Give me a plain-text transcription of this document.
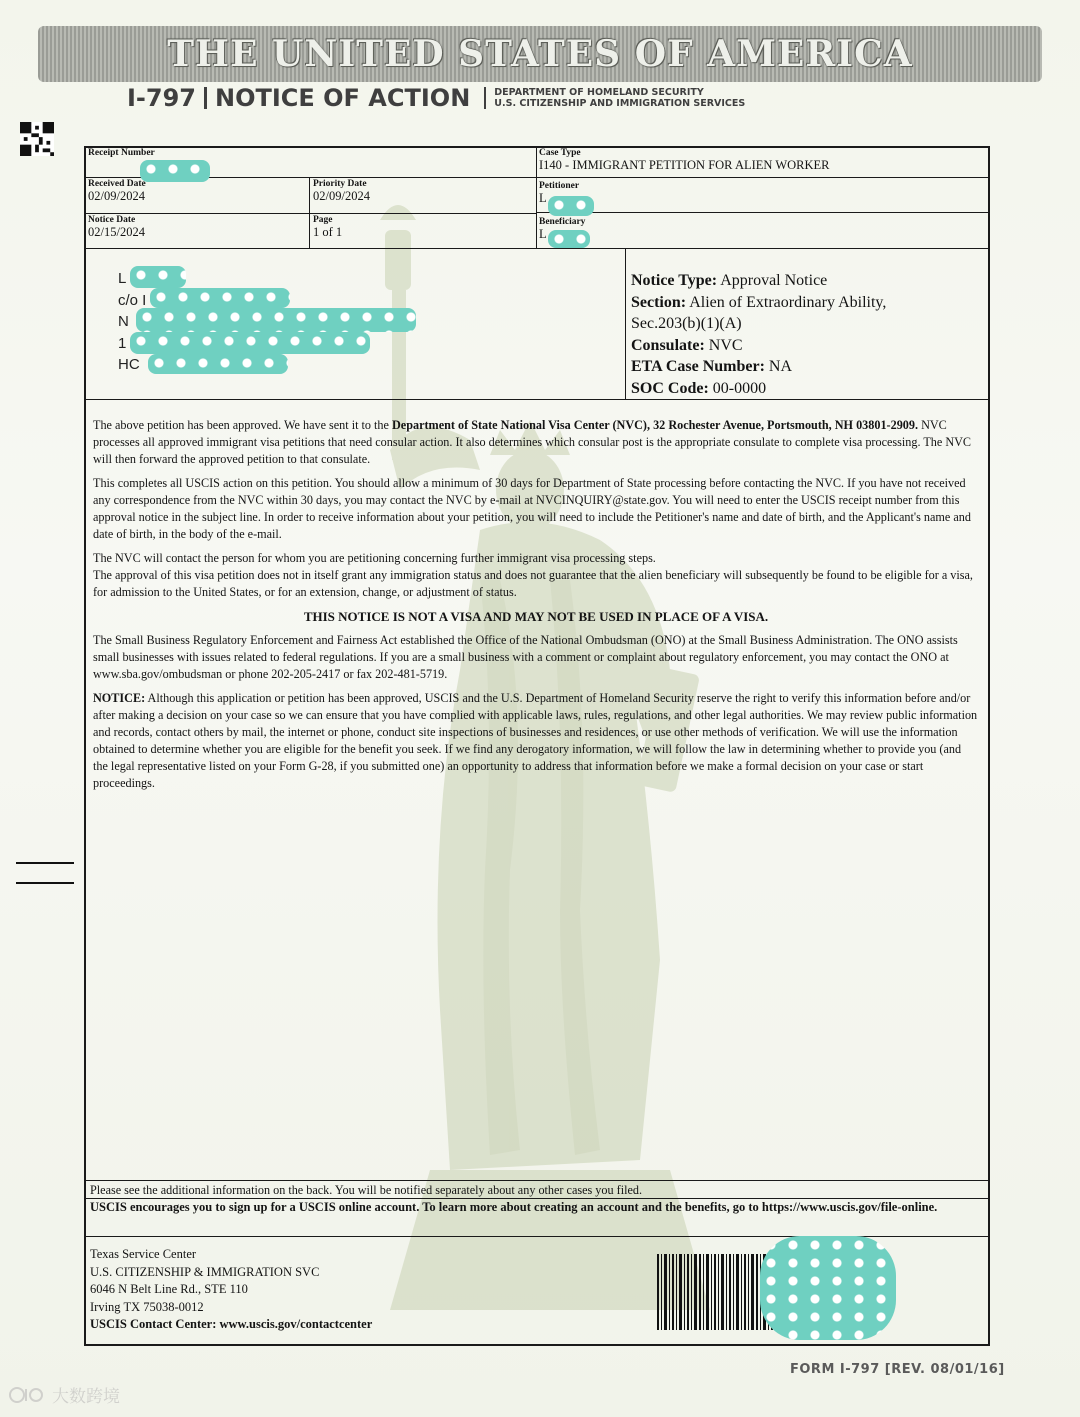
THE UNITED STATES OF AMERICA
I-797 NOTICE OF ACTION	DEPARTMENT OF HOMELAND SECURITY
U.S. CITIZENSHIP AND IMMIGRATION SERVICES
Receipt Number	Case Type
I140 - IMMIGRANT PETITION FOR ALIEN WORKER
Received Date
02/09/2024
Priority Date
02/09/2024
Petitioner
L
Notice Date
02/15/2024
Page
1 of 1
Beneficiary
L
L
c/o I
N
1
HC
Notice Type: Approval Notice
Section: Alien of Extraordinary Ability,
Sec.203(b)(1)(A)
Consulate: NVC
ETA Case Number: NA
SOC Code: 00-0000

The above petition has been approved. We have sent it to the Department of State National Visa Center (NVC), 32 Rochester Avenue, Portsmouth, NH 03801-2909. NVC processes all approved immigrant visa petitions that need consular action. It also determines which consular post is the appropriate consulate to complete visa processing. The NVC will then forward the approved petition to that consulate.

This completes all USCIS action on this petition. You should allow a minimum of 30 days for Department of State processing before contacting the NVC. If you have not received any correspondence from the NVC within 30 days, you may contact the NVC by e-mail at NVCINQUIRY@state.gov. You will need to enter the USCIS receipt number from this approval notice in the subject line. In order to receive information about your petition, you will need to include the Petitioner's name and date of birth, and the Applicant's name and date of birth, in the body of the e-mail.

The NVC will contact the person for whom you are petitioning concerning further immigrant visa processing steps.
The approval of this visa petition does not in itself grant any immigration status and does not guarantee that the alien beneficiary will subsequently be found to be eligible for a visa, for admission to the United States, or for an extension, change, or adjustment of status.

THIS NOTICE IS NOT A VISA AND MAY NOT BE USED IN PLACE OF A VISA.

The Small Business Regulatory Enforcement and Fairness Act established the Office of the National Ombudsman (ONO) at the Small Business Administration. The ONO assists small businesses with issues related to federal regulations. If you are a small business with a comment or complaint about regulatory enforcement, you may contact the ONO at www.sba.gov/ombudsman or phone 202-205-2417 or fax 202-481-5719.

NOTICE: Although this application or petition has been approved, USCIS and the U.S. Department of Homeland Security reserve the right to verify this information before and/or after making a decision on your case so we can ensure that you have complied with applicable laws, rules, regulations, and other legal authorities. We may review public information and records, contact others by mail, the internet or phone, conduct site inspections of businesses and residences, or use other methods of verification. We will use the information obtained to determine whether you are eligible for the benefit you seek. If we find any derogatory information, we will follow the law in determining whether to provide you (and the legal representative listed on your Form G-28, if you submitted one) an opportunity to address that information before we make a formal decision on your case or start proceedings.

Please see the additional information on the back. You will be notified separately about any other cases you filed.
USCIS encourages you to sign up for a USCIS online account. To learn more about creating an account and the benefits, go to https://www.uscis.gov/file-online.
Texas Service Center
U.S. CITIZENSHIP & IMMIGRATION SVC
6046 N Belt Line Rd., STE 110
Irving TX 75038-0012
USCIS Contact Center: www.uscis.gov/contactcenter
FORM I-797 [REV. 08/01/16]
大数跨境
